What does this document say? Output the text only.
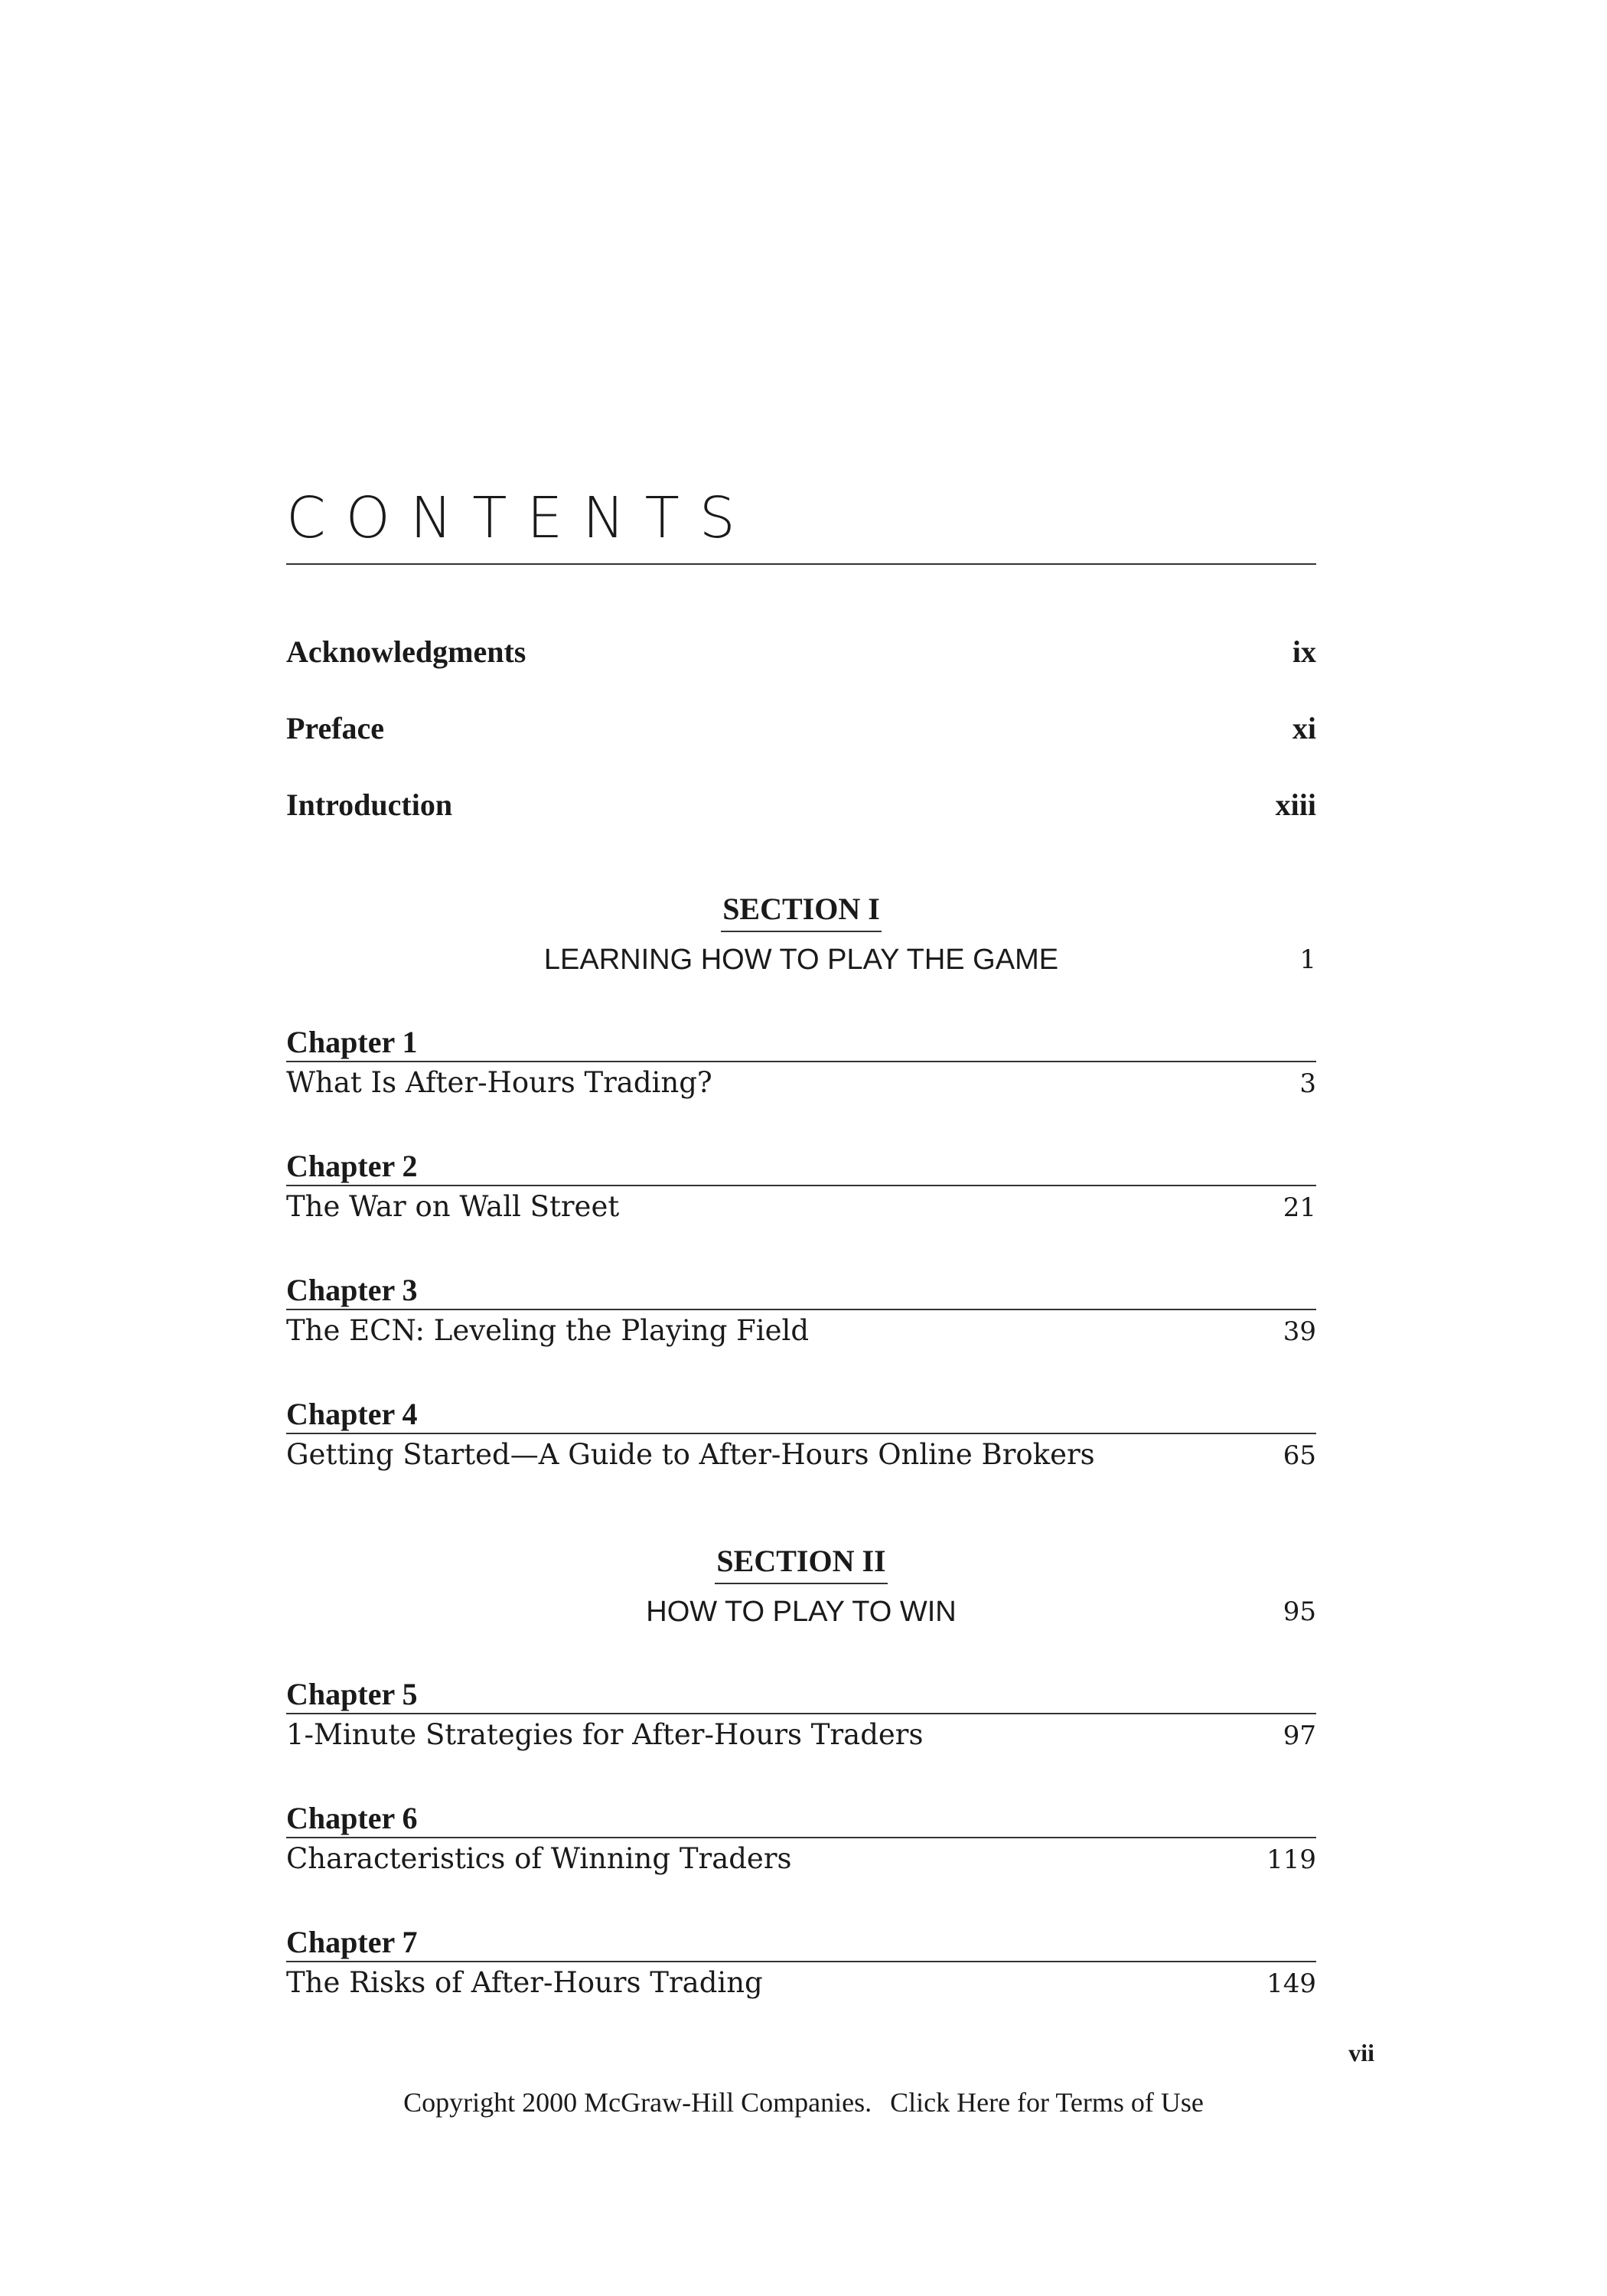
CONTENTS
Acknowledgments	ix
Preface	xi
Introduction	xiii
SECTION I
LEARNING HOW TO PLAY THE GAME	1
Chapter 1
What Is After-Hours Trading?	3
Chapter 2
The War on Wall Street	21
Chapter 3
The ECN: Leveling the Playing Field	39
Chapter 4
Getting Started—A Guide to After-Hours Online Brokers	65
SECTION II
HOW TO PLAY TO WIN	95
Chapter 5
1-Minute Strategies for After-Hours Traders	97
Chapter 6
Characteristics of Winning Traders	119
Chapter 7
The Risks of After-Hours Trading	149
vii
Copyright 2000 McGraw-Hill Companies. Click Here for Terms of Use
